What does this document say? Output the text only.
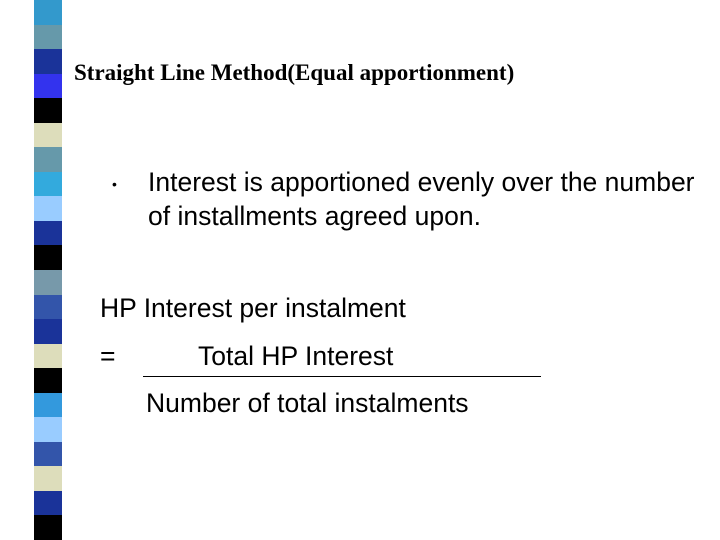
Straight Line Method(Equal apportionment)
• Interest is apportioned evenly over the number of installments agreed upon.
HP Interest per instalment
=	Total HP Interest
Number of total instalments
